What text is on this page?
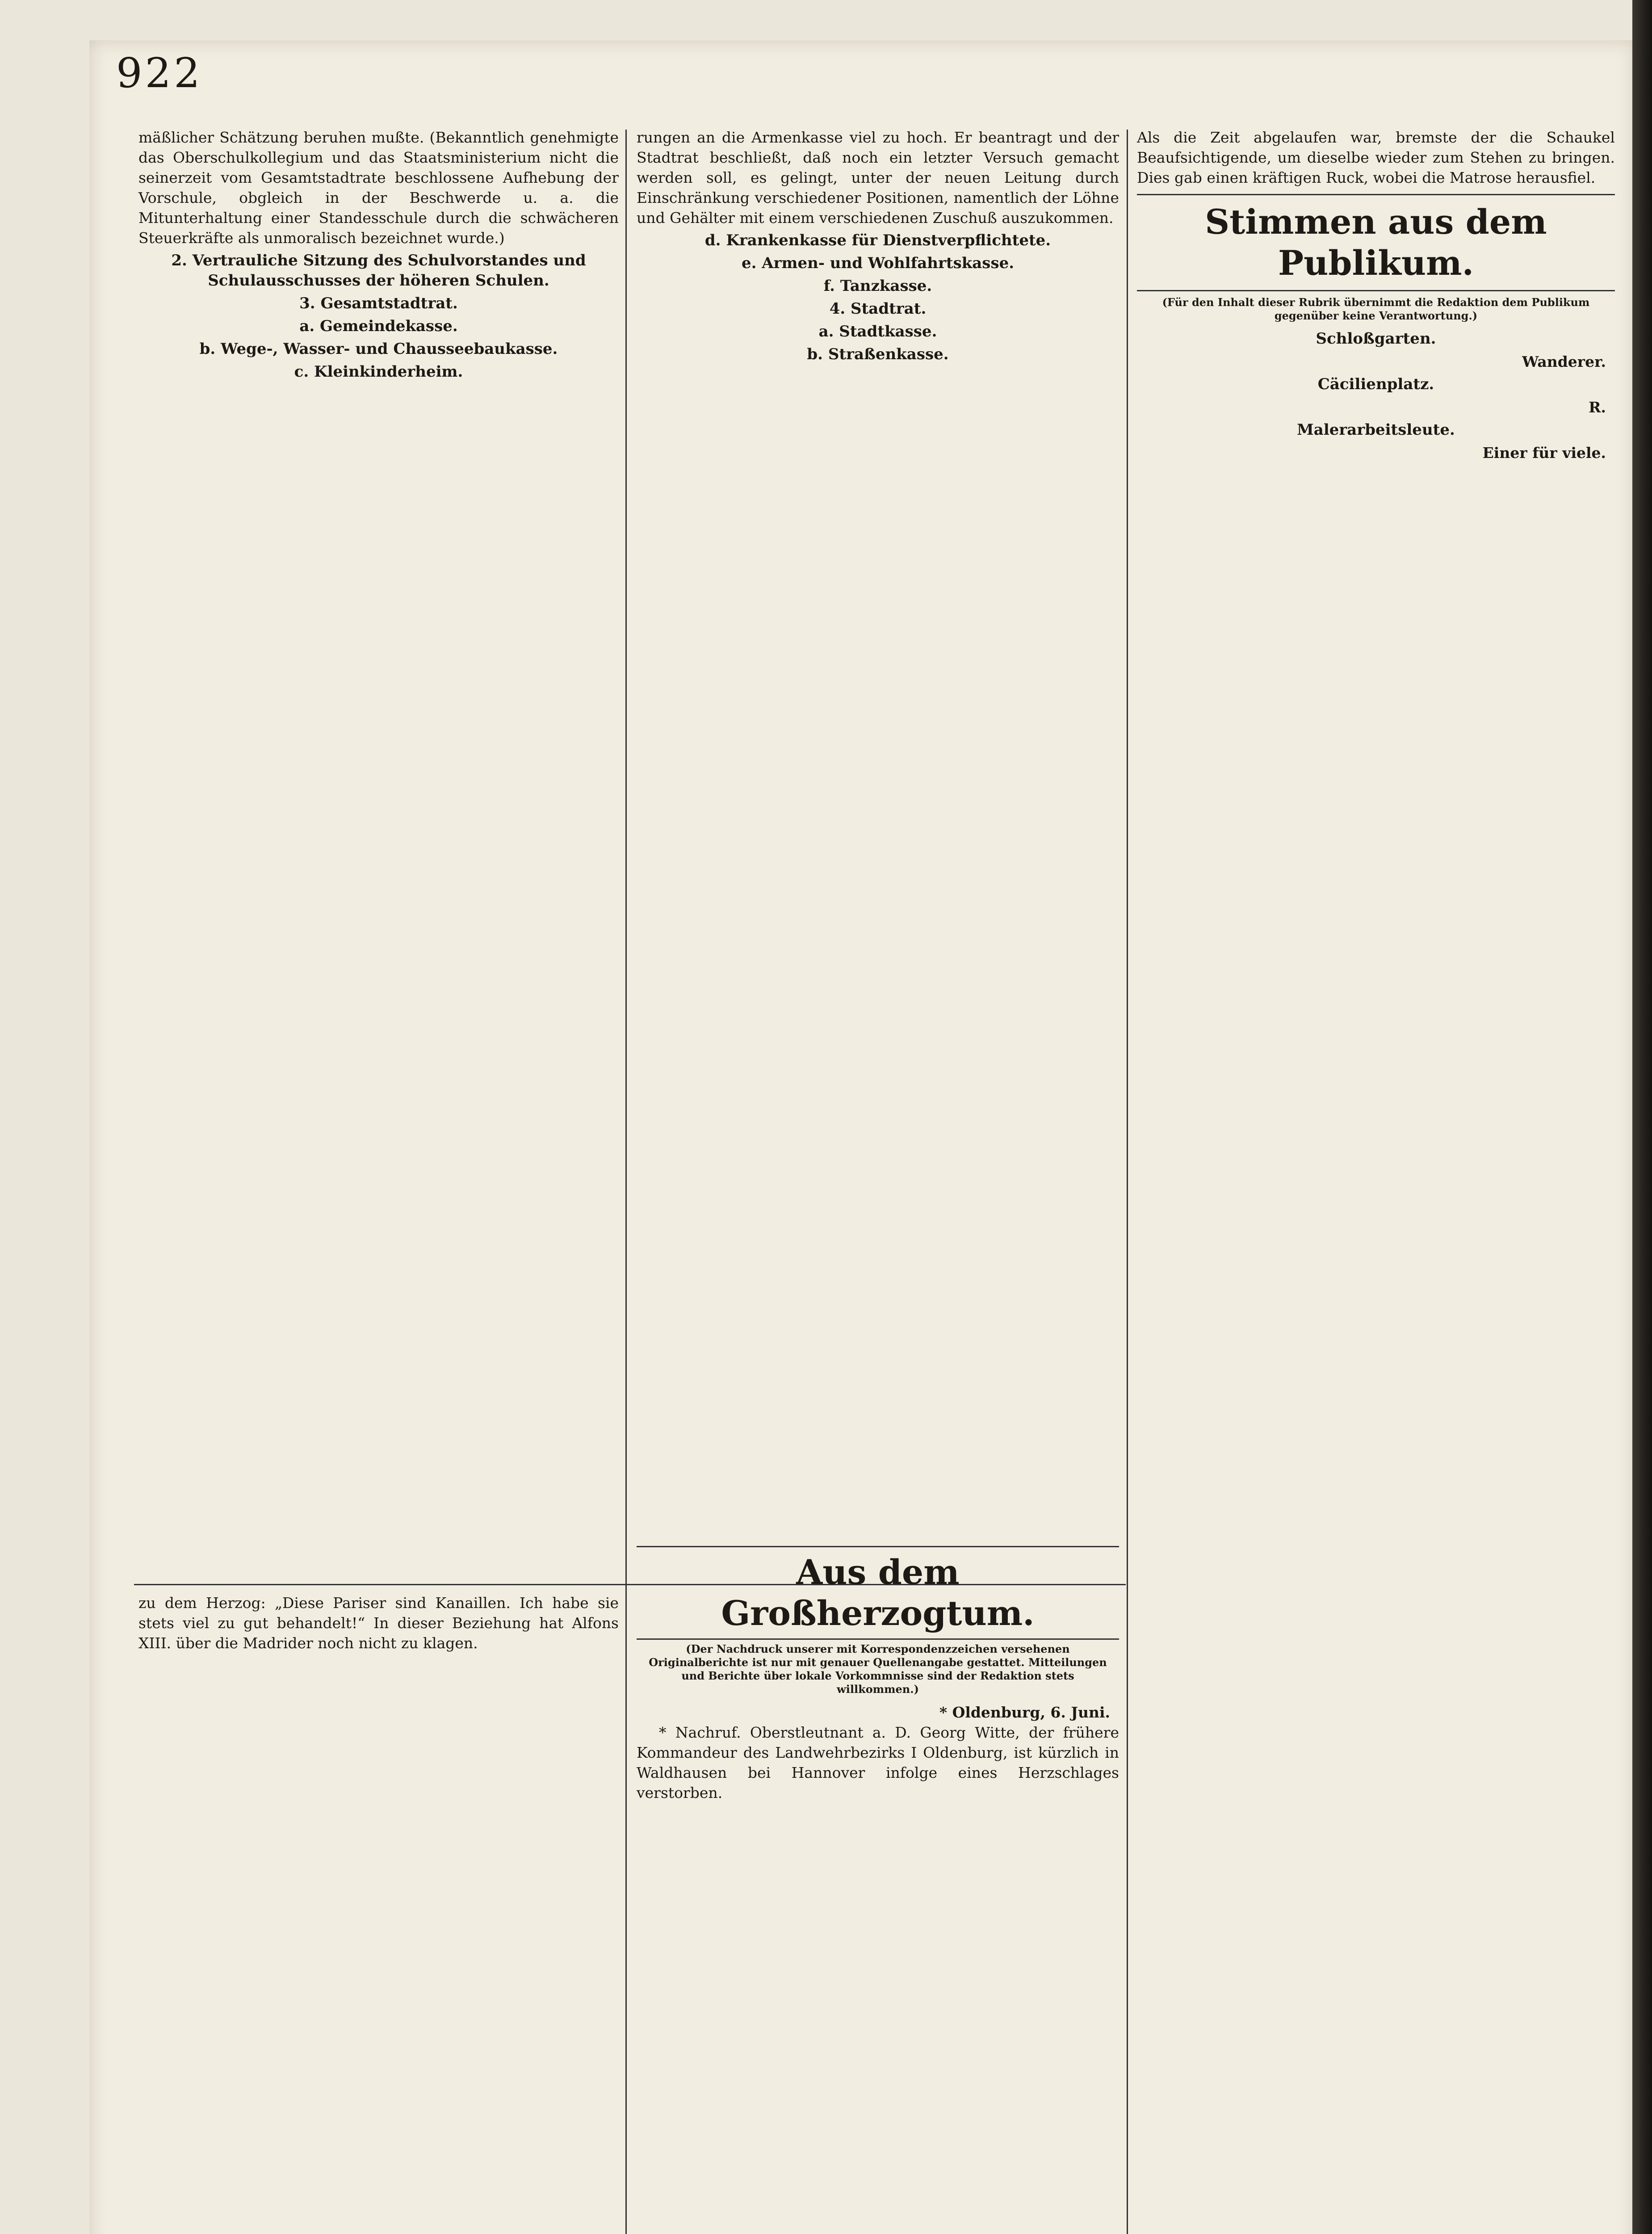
922

mäßlicher Schätzung beruhen mußte. (Bekanntlich genehmigte das Oberschulkollegium und das Staatsministerium nicht die seinerzeit vom Gesamtstadtrate beschlossene Aufhebung der Vorschule, obgleich in der Beschwerde u. a. die Mitunterhaltung einer Standesschule durch die schwächeren Steuerkräfte als unmoralisch bezeichnet wurde.)

2. Vertrauliche Sitzung des Schulvorstandes und Schulausschusses der höheren Schulen.
3. Gesamtstadtrat.
a. Gemeindekasse.
b. Wege-, Wasser- und Chausseebaukasse.
c. Kleinkinderheim.

rungen an die Armenkasse viel zu hoch. Er beantragt und der Stadtrat beschließt, daß noch ein letzter Versuch gemacht werden soll, es gelingt, unter der neuen Leitung durch Einschränkung verschiedener Positionen, namentlich der Löhne und Gehälter mit einem verschiedenen Zuschuß auszukommen.

d. Krankenkasse für Dienstverpflichtete.
e. Armen- und Wohlfahrtskasse.
f. Tanzkasse.
4. Stadtrat.
a. Stadtkasse.
b. Straßenkasse.

Als die Zeit abgelaufen war, bremste der die Schaukel Beaufsichtigende, um dieselbe wieder zum Stehen zu bringen. Dies gab einen kräftigen Ruck, wobei die Matrose herausfiel.

Stimmen aus dem Publikum.
(Für den Inhalt dieser Rubrik übernimmt die Redaktion dem Publikum gegenüber keine Verantwortung.)
Schloßgarten.
Wanderer.
Cäcilienplatz.
R.
Malerarbeitsleute.
Einer für viele.

zu dem Herzog: „Diese Pariser sind Kanaillen. Ich habe sie stets viel zu gut behandelt!“ In dieser Beziehung hat Alfons XIII. über die Madrider noch nicht zu klagen.

Aus dem Großherzogtum.
(Der Nachdruck unserer mit Korrespondenzzeichen versehenen Originalberichte ist nur mit genauer Quellenangabe gestattet. Mitteilungen und Berichte über lokale Vorkommnisse sind der Redaktion stets willkommen.)
* Oldenburg, 6. Juni.

* Nachruf. Oberstleutnant a. D. Georg Witte, der frühere Kommandeur des Landwehrbezirks I Oldenburg, ist kürzlich in Waldhausen bei Hannover infolge eines Herzschlages verstorben.
